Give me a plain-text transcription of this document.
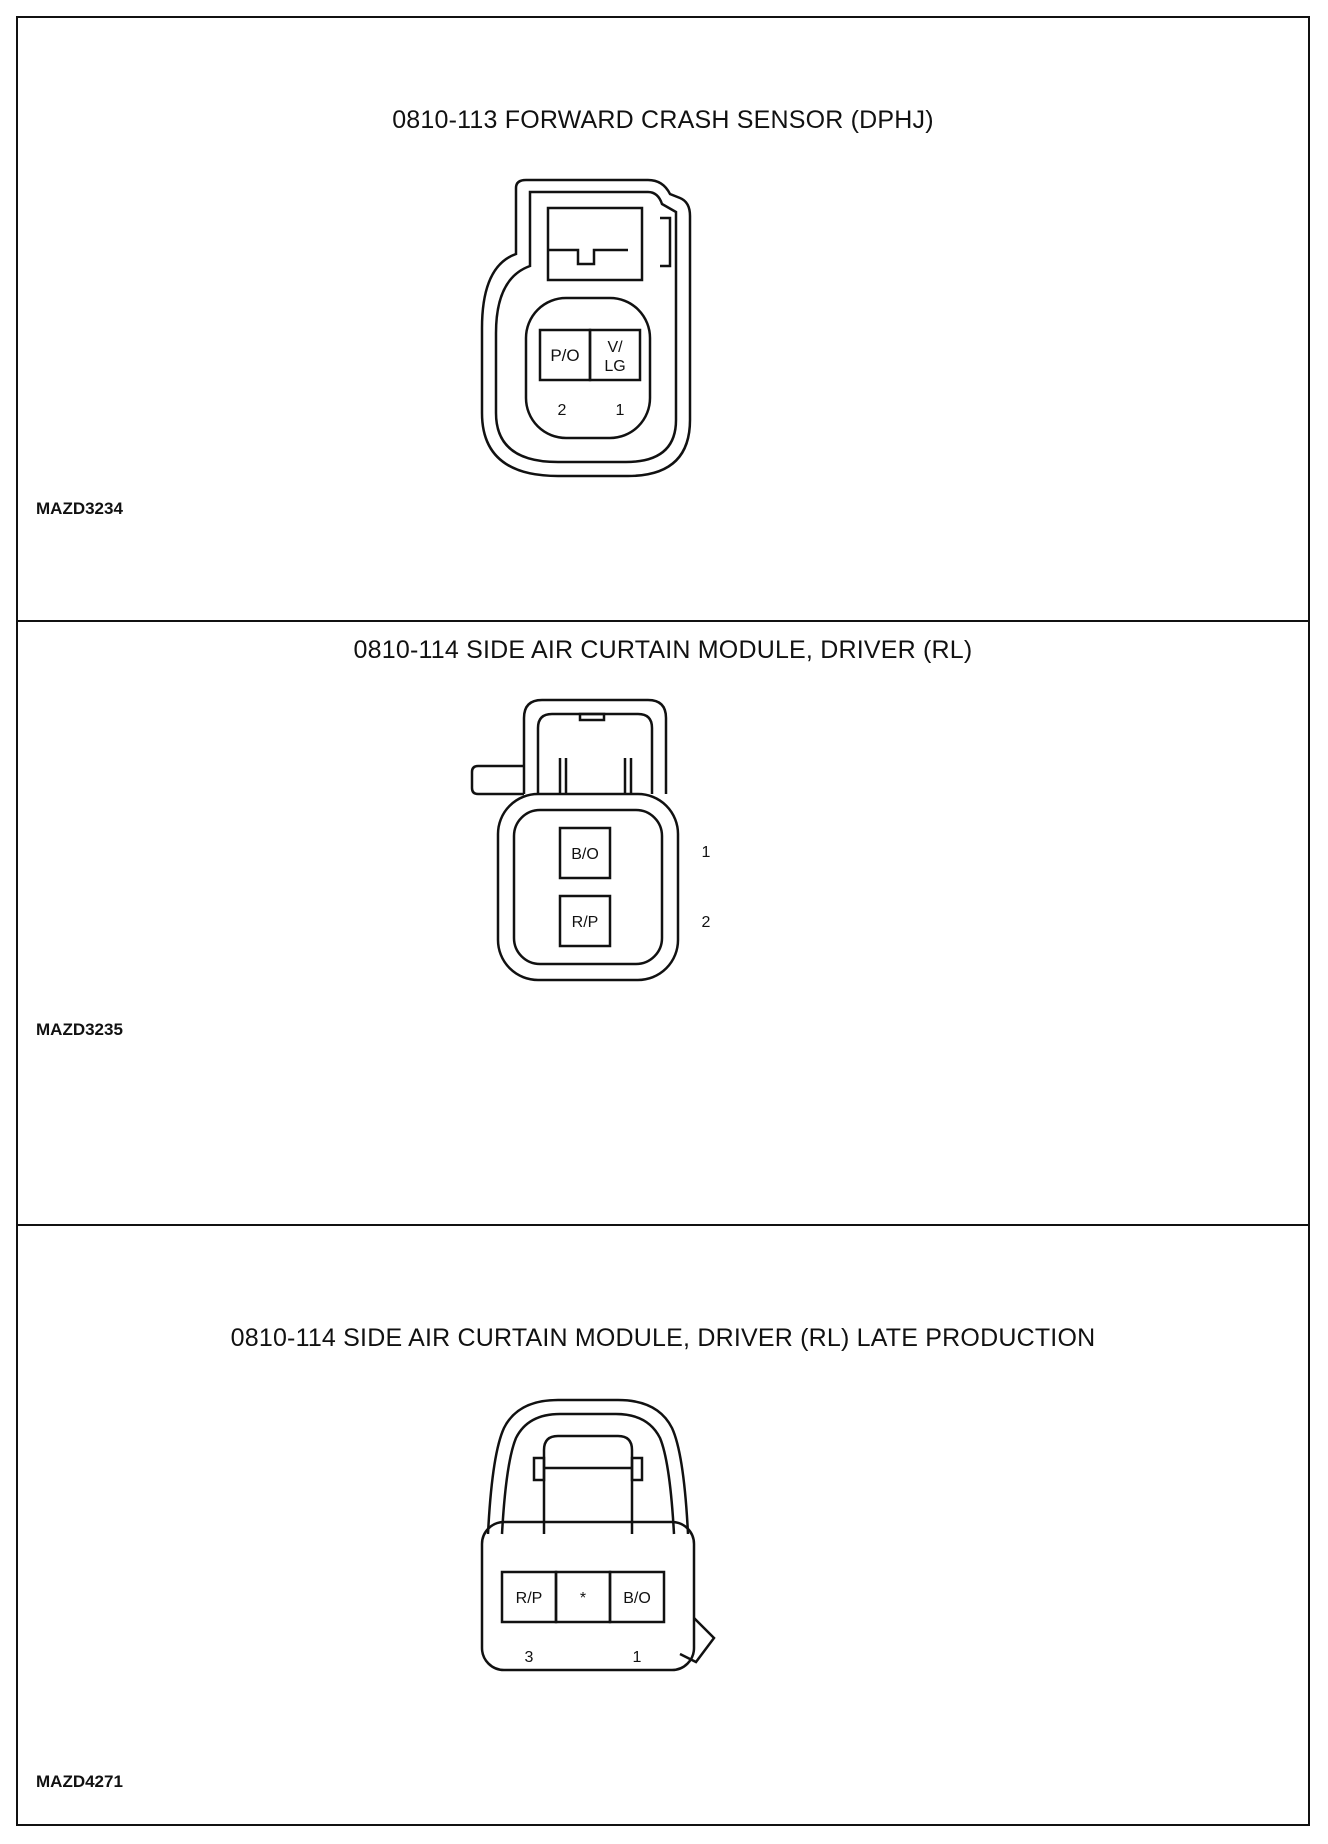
0810-113 FORWARD CRASH SENSOR (DPHJ)
P/O V/
LG
2	1
MAZD3234
0810-114 SIDE AIR CURTAIN MODULE, DRIVER (RL)
B/O
R/P
1
2
MAZD3235
0810-114 SIDE AIR CURTAIN MODULE, DRIVER (RL) LATE PRODUCTION
R/P * B/O
3	1
MAZD4271
